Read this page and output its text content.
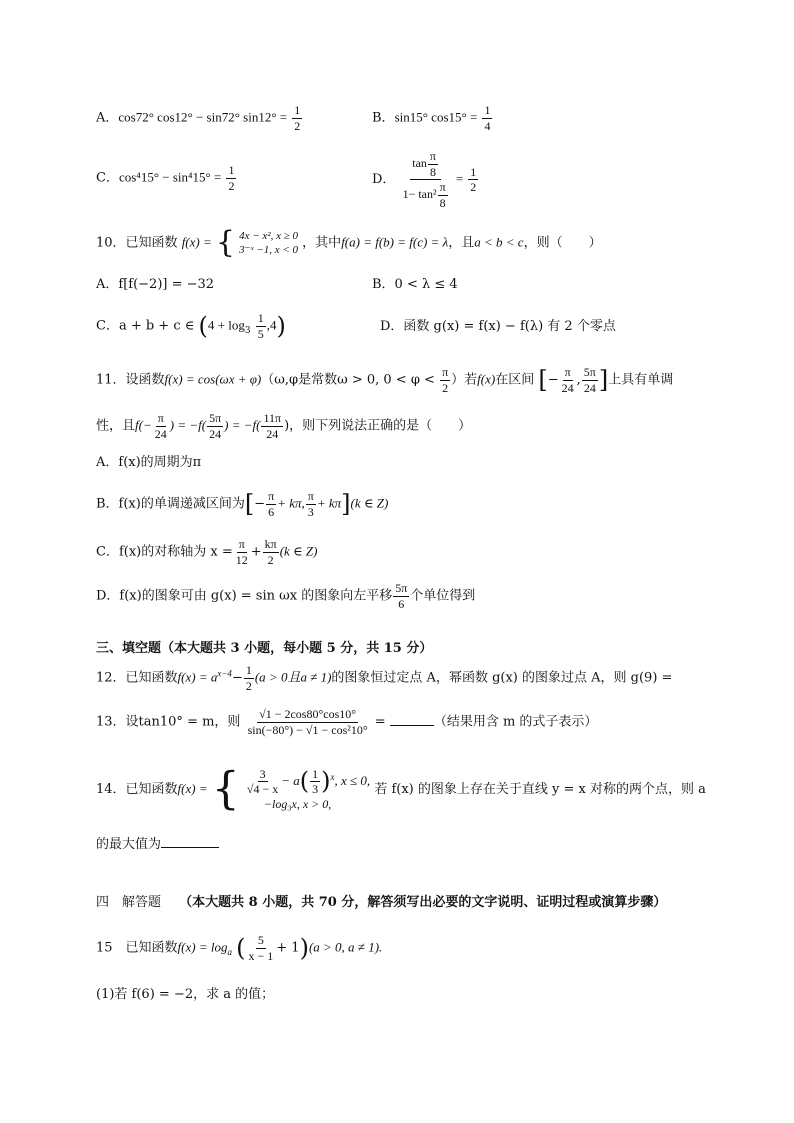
A．cos72° cos12° − sin72° $\sin 12^\circ = \frac{1}{2}$	B．sin15° $\cos 15^\circ = \frac{1}{4}$
C．$\cos^415^\circ - \sin^415^\circ = \frac{1}{2}$	D． $\frac{\tan \frac{\pi}{8}}{1- \tan^2 \frac{\pi}{8}} = \frac{1}{2}$
10．已知函数 f(x) = { 4x − x², x ≥ 0
3⁻ˣ −1, x < 0 ，其中f(a) = f(b) = f(c) = λ，且a < b < c，则（　　）
A．f[f(−2)] = −32	B．0 < λ ≤ 4
C．a + b + c ∈ $(4 + \log_3 \frac{1}{5} ,4)$	D．函数 g(x) = f(x) − f(λ) 有 2 个零点
11．设函数f(x) = cos(ωx + φ)（ω,φ是常数ω > 0, $0 < \varphi < \frac{\pi}{2}$ ）若f(x)在区间 [− $\frac{\pi}{24}$ , $\frac{5\pi}{24}$ ]上具有单调
性，且$f(- \frac{\pi}{24}$ ) = $-f( \frac{5\pi}{24}$ ) = $-f( \frac{11\pi}{24}$ )，则下列说法正确的是（　　）
A．f(x)的周期为π
B．f(x)的单调递减区间为[− $\frac{\pi}{6} + k\pi$, $\frac{\pi}{3} + k\pi](k$ ∈ Z)
C．f(x)的对称轴为 $x = \frac{\pi}{12} + \frac{k\pi}{2} (k$ ∈ Z)
D．f(x)的图象可由 g(x) = sin ωx 的图象向左平移 $\frac{5\pi}{6}$ 个单位得到
三、填空题（本大题共 3 小题，每小题 5 分，共 15 分）
12．已知函数$f(x) = a^{x-4}- \frac{1}{2} (a > 0$且a ≠ 1)的图象恒过定点 A，幂函数 g(x) 的图象过点 A，则 g(9) =
13．设tan10° = m，则 $\frac{√1 - 2\cos 80^\circ\cos 10^\circ}{\text{sin(−80°) − √1 − cos²10°}}$ =	（结果用含 m 的式子表示）
14．已知函数f(x) = { $\frac{3}{√4 - x} - a( \frac{1}{3} )^x$, x ≤ 0,
−log₃x, x > 0,
若 f(x) 的图象上存在关于直线 y = x 对称的两个点，则 a
的最大值为
四　解答题 （本大题共 8 小题，共 70 分，解答须写出必要的文字说明、证明过程或演算步骤）
15　已知函数$f(x) = \log_a$ ( $\frac{5}{x - 1} + 1)(a > 0$, a ≠ 1).
(1)若 f(6) = −2，求 a 的值；
